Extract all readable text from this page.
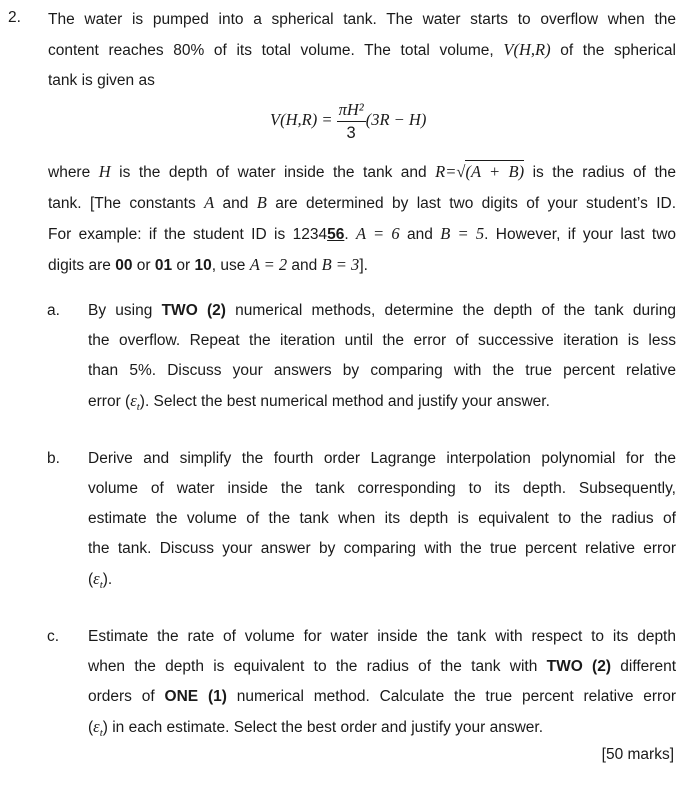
2. The water is pumped into a spherical tank. The water starts to overflow when the
content reaches 80% of its total volume. The total volume, V(H,R) of the spherical
tank is given as
$V(H,R) = \frac{\text{πH²}}{3} (3R - H)$
where H is the depth of water inside the tank and R=√(A + B) is the radius of the
tank. [The constants A and B are determined by last two digits of your student’s ID.
For example: if the student ID is 123456. A = 6 and B = 5. However, if your last two
digits are 00 or 01 or 10, use A = 2 and B = 3].
a. By using TWO (2) numerical methods, determine the depth of the tank during
the overflow. Repeat the iteration until the error of successive iteration is less
than 5%. Discuss your answers by comparing with the true percent relative
error $(\varepsilon_t)$. Select the best numerical method and justify your answer.
b. Derive and simplify the fourth order Lagrange interpolation polynomial for the
volume of water inside the tank corresponding to its depth. Subsequently,
estimate the volume of the tank when its depth is equivalent to the radius of
the tank. Discuss your answer by comparing with the true percent relative error
$(\varepsilon_t)$.
c. Estimate the rate of volume for water inside the tank with respect to its depth
when the depth is equivalent to the radius of the tank with TWO (2) different
orders of ONE (1) numerical method. Calculate the true percent relative error
$(\varepsilon_t)$ in each estimate. Select the best order and justify your answer.
[50 marks]
